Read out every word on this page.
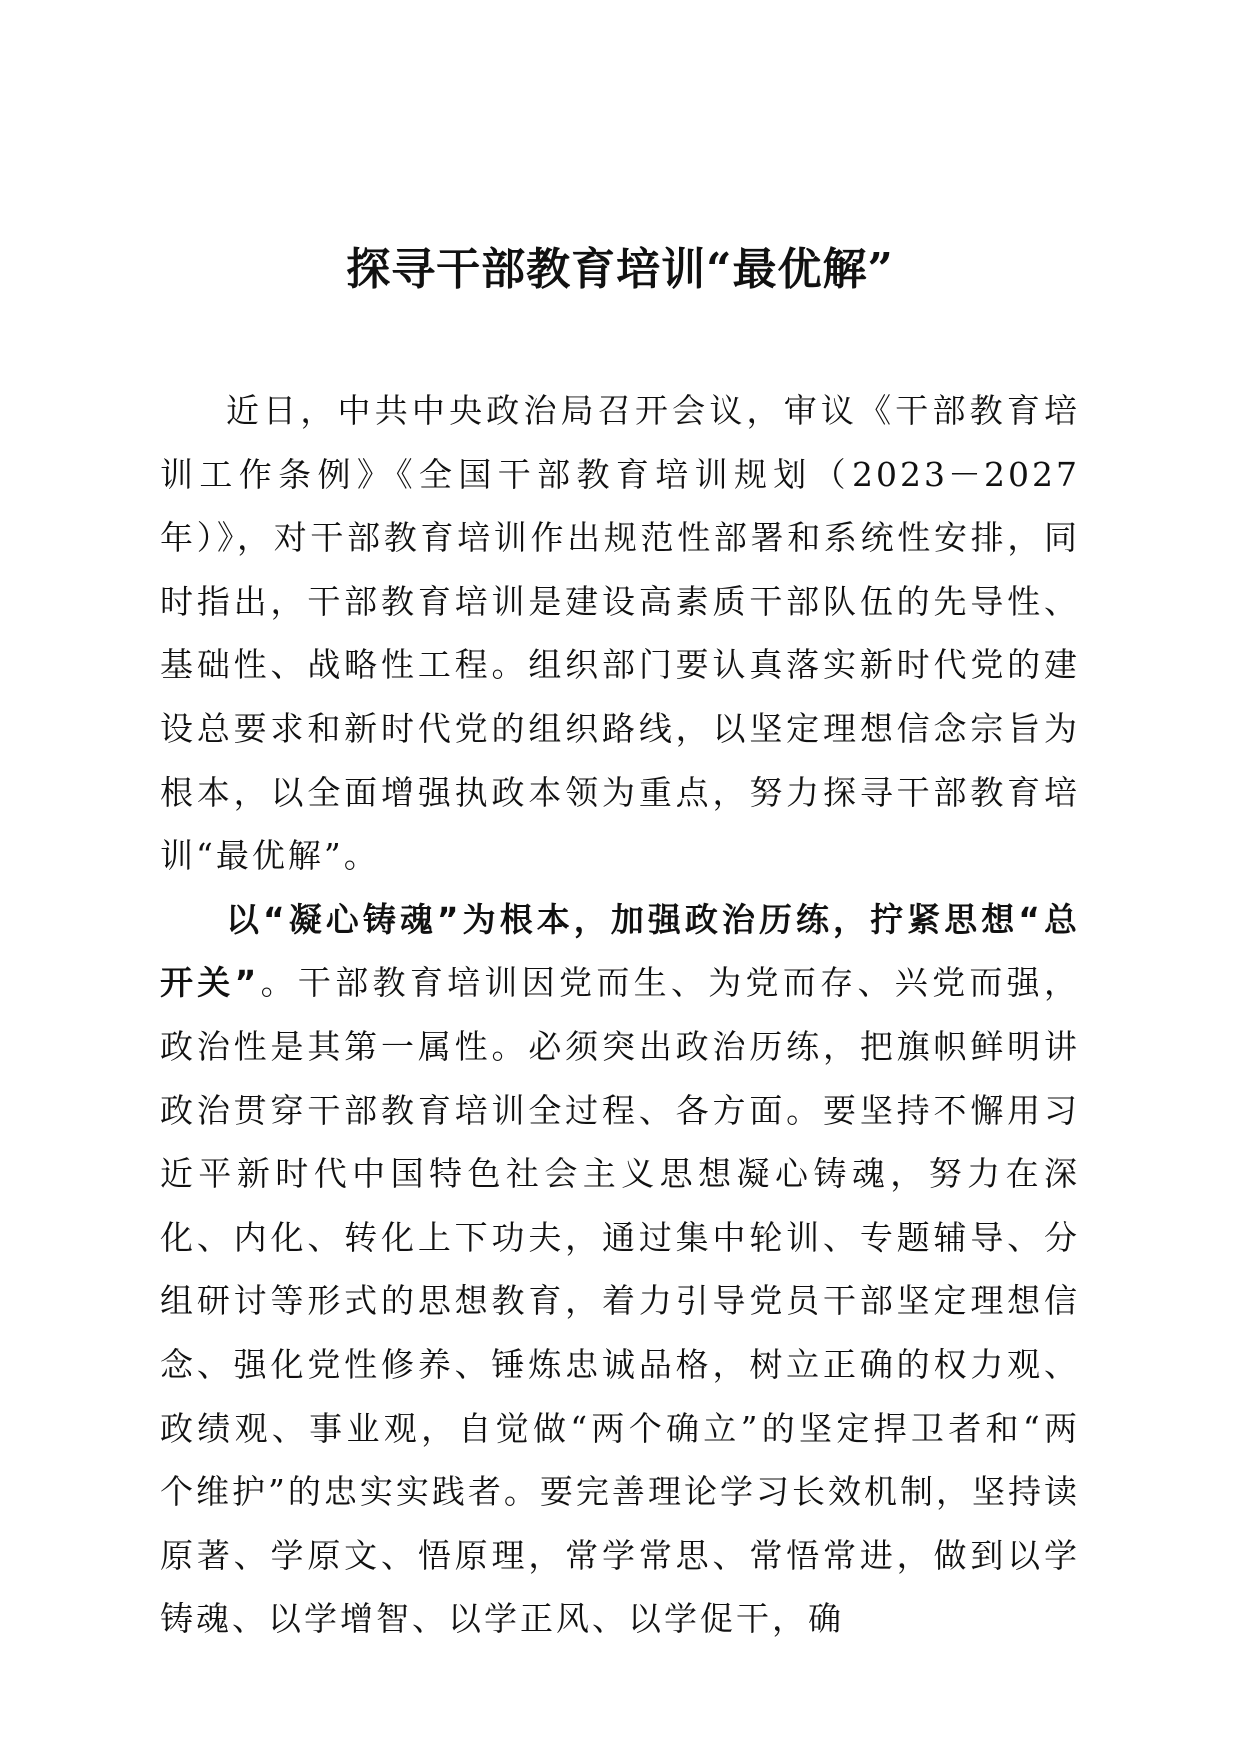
探寻干部教育培训“最优解”

近日，中共中央政治局召开会议，审议《干部教育培训工作条例》《全国干部教育培训规划（2023－2027年）》，对干部教育培训作出规范性部署和系统性安排，同时指出，干部教育培训是建设高素质干部队伍的先导性、基础性、战略性工程。组织部门要认真落实新时代党的建设总要求和新时代党的组织路线，以坚定理想信念宗旨为根本，以全面增强执政本领为重点，努力探寻干部教育培训“最优解”。

以“凝心铸魂”为根本，加强政治历练，拧紧思想“总开关”。干部教育培训因党而生、为党而存、兴党而强，政治性是其第一属性。必须突出政治历练，把旗帜鲜明讲政治贯穿干部教育培训全过程、各方面。要坚持不懈用习近平新时代中国特色社会主义思想凝心铸魂，努力在深化、内化、转化上下功夫，通过集中轮训、专题辅导、分组研讨等形式的思想教育，着力引导党员干部坚定理想信念、强化党性修养、锤炼忠诚品格，树立正确的权力观、政绩观、事业观，自觉做“两个确立”的坚定捍卫者和“两个维护”的忠实实践者。要完善理论学习长效机制，坚持读原著、学原文、悟原理，常学常思、常悟常进，做到以学铸魂、以学增智、以学正风、以学促干，确
